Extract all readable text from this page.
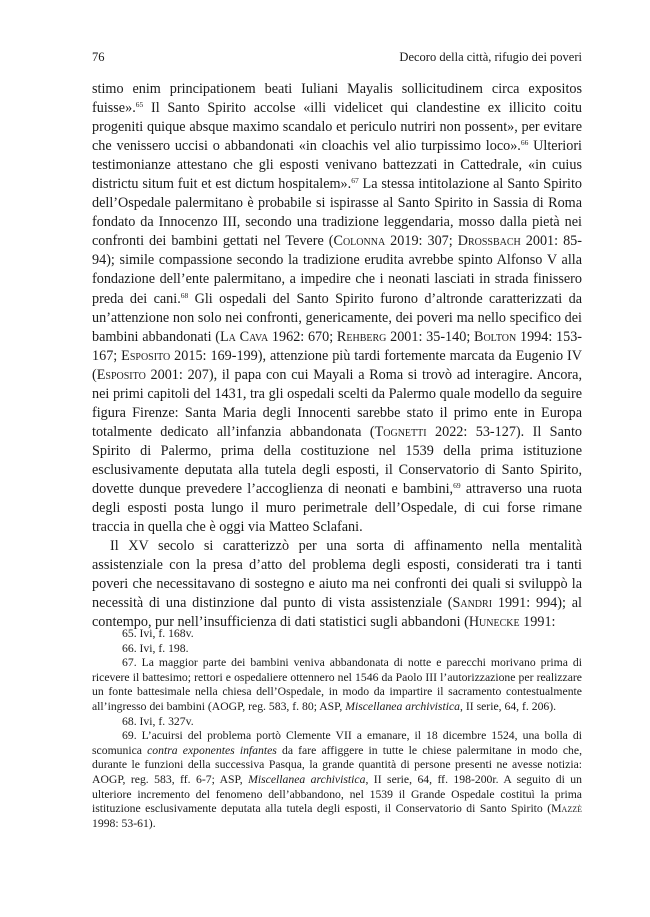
76	Decoro della città, rifugio dei poveri

stimo enim principationem beati Iuliani Mayalis sollicitudinem circa expositos fuisse».$^{65}$ Il Santo Spirito accolse «illi videlicet qui clandestine ex illicito coitu progeniti quique absque maximo scandalo et periculo nutriri non possent», per evitare che venissero uccisi o abbandonati «in cloachis vel alio turpissimo loco».$^{66}$ Ulteriori testimonianze attestano che gli esposti venivano battezzati in Cattedrale, «in cuius districtu situm fuit et est dictum hospitalem».$^{67}$ La stessa intitolazione al Santo Spirito dell’Ospedale palermitano è probabile si ispirasse al Santo Spirito in Sassia di Roma fondato da Innocenzo III, secondo una tradizione leggendaria, mosso dalla pietà nei confronti dei bambini gettati nel Tevere (Colonna 2019: 307; Drossbach 2001: 85-94); simile compassione secondo la tradizione erudita avrebbe spinto Alfonso V alla fondazione dell’ente palermitano, a impedire che i neonati lasciati in strada finissero preda dei cani.$^{68}$ Gli ospedali del Santo Spirito furono d’altronde caratterizzati da un’attenzione non solo nei confronti, genericamente, dei poveri ma nello specifico dei bambini abbandonati (La Cava 1962: 670; Rehberg 2001: 35-140; Bolton 1994: 153-167; Esposito 2015: 169-199), attenzione più tardi fortemente marcata da Eugenio IV (Esposito 2001: 207), il papa con cui Mayali a Roma si trovò ad interagire. Ancora, nei primi capitoli del 1431, tra gli ospedali scelti da Palermo quale modello da seguire figura Firenze: Santa Maria degli Innocenti sarebbe stato il primo ente in Europa totalmente dedicato all’infanzia abbandonata (Tognetti 2022: 53-127). Il Santo Spirito di Palermo, prima della costituzione nel 1539 della prima istituzione esclusivamente deputata alla tutela degli esposti, il Conservatorio di Santo Spirito, dovette dunque prevedere l’accoglienza di neonati e bambini,$^{69}$ attraverso una ruota degli esposti posta lungo il muro perimetrale dell’Ospedale, di cui forse rimane traccia in quella che è oggi via Matteo Sclafani.

Il XV secolo si caratterizzò per una sorta di affinamento nella mentalità assistenziale con la presa d’atto del problema degli esposti, considerati tra i tanti poveri che necessitavano di sostegno e aiuto ma nei confronti dei quali si sviluppò la necessità di una distinzione dal punto di vista assistenziale (Sandri 1991: 994); al contempo, pur nell’insufficienza di dati statistici sugli abbandoni (Hunecke 1991:

65. Ivi, f. 168v.

66. Ivi, f. 198.

67. La maggior parte dei bambini veniva abbandonata di notte e parecchi morivano prima di ricevere il battesimo; rettori e ospedaliere ottennero nel 1546 da Paolo III l’autorizzazione per realizzare un fonte battesimale nella chiesa dell’Ospedale, in modo da impartire il sacramento contestualmente all’ingresso dei bambini (AOGP, reg. 583, f. 80; ASP, Miscellanea archivistica, II serie, 64, f. 206).

68. Ivi, f. 327v.

69. L’acuirsi del problema portò Clemente VII a emanare, il 18 dicembre 1524, una bolla di scomunica contra exponentes infantes da fare affiggere in tutte le chiese palermitane in modo che, durante le funzioni della successiva Pasqua, la grande quantità di persone presenti ne avesse notizia: AOGP, reg. 583, ff. 6-7; ASP, Miscellanea archivistica, II serie, 64, ff. 198-200r. A seguito di un ulteriore incremento del fenomeno dell’abbandono, nel 1539 il Grande Ospedale costituì la prima istituzione esclusivamente deputata alla tutela degli esposti, il Conservatorio di Santo Spirito (Mazzè 1998: 53-61).
